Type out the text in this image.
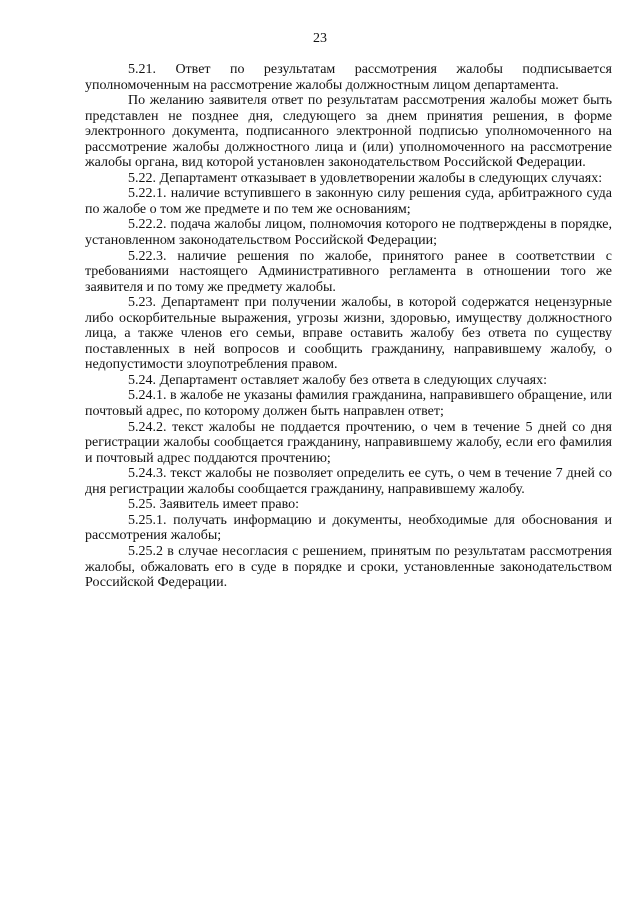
23

5.21. Ответ по результатам рассмотрения жалобы подписывается уполномоченным на рассмотрение жалобы должностным лицом департамента.

По желанию заявителя ответ по результатам рассмотрения жалобы может быть представлен не позднее дня, следующего за днем принятия решения, в форме электронного документа, подписанного электронной подписью уполномоченного на рассмотрение жалобы должностного лица и (или) уполномоченного на рассмотрение жалобы органа, вид которой установлен законодательством Российской Федерации.

5.22. Департамент отказывает в удовлетворении жалобы в следующих случаях:

5.22.1. наличие вступившего в законную силу решения суда, арбитражного суда по жалобе о том же предмете и по тем же основаниям;

5.22.2. подача жалобы лицом, полномочия которого не подтверждены в порядке, установленном законодательством Российской Федерации;

5.22.3. наличие решения по жалобе, принятого ранее в соответствии с требованиями настоящего Административного регламента в отношении того же заявителя и по тому же предмету жалобы.

5.23. Департамент при получении жалобы, в которой содержатся нецензурные либо оскорбительные выражения, угрозы жизни, здоровью, имуществу должностного лица, а также членов его семьи, вправе оставить жалобу без ответа по существу поставленных в ней вопросов и сообщить гражданину, направившему жалобу, о недопустимости злоупотребления правом.

5.24. Департамент оставляет жалобу без ответа в следующих случаях:

5.24.1. в жалобе не указаны фамилия гражданина, направившего обращение, или почтовый адрес, по которому должен быть направлен ответ;

5.24.2. текст жалобы не поддается прочтению, о чем в течение 5 дней со дня регистрации жалобы сообщается гражданину, направившему жалобу, если его фамилия и почтовый адрес поддаются прочтению;

5.24.3. текст жалобы не позволяет определить ее суть, о чем в течение 7 дней со дня регистрации жалобы сообщается гражданину, направившему жалобу.

5.25. Заявитель имеет право:

5.25.1. получать информацию и документы, необходимые для обоснования и рассмотрения жалобы;

5.25.2 в случае несогласия с решением, принятым по результатам рассмотрения жалобы, обжаловать его в суде в порядке и сроки, установленные законодательством Российской Федерации.
